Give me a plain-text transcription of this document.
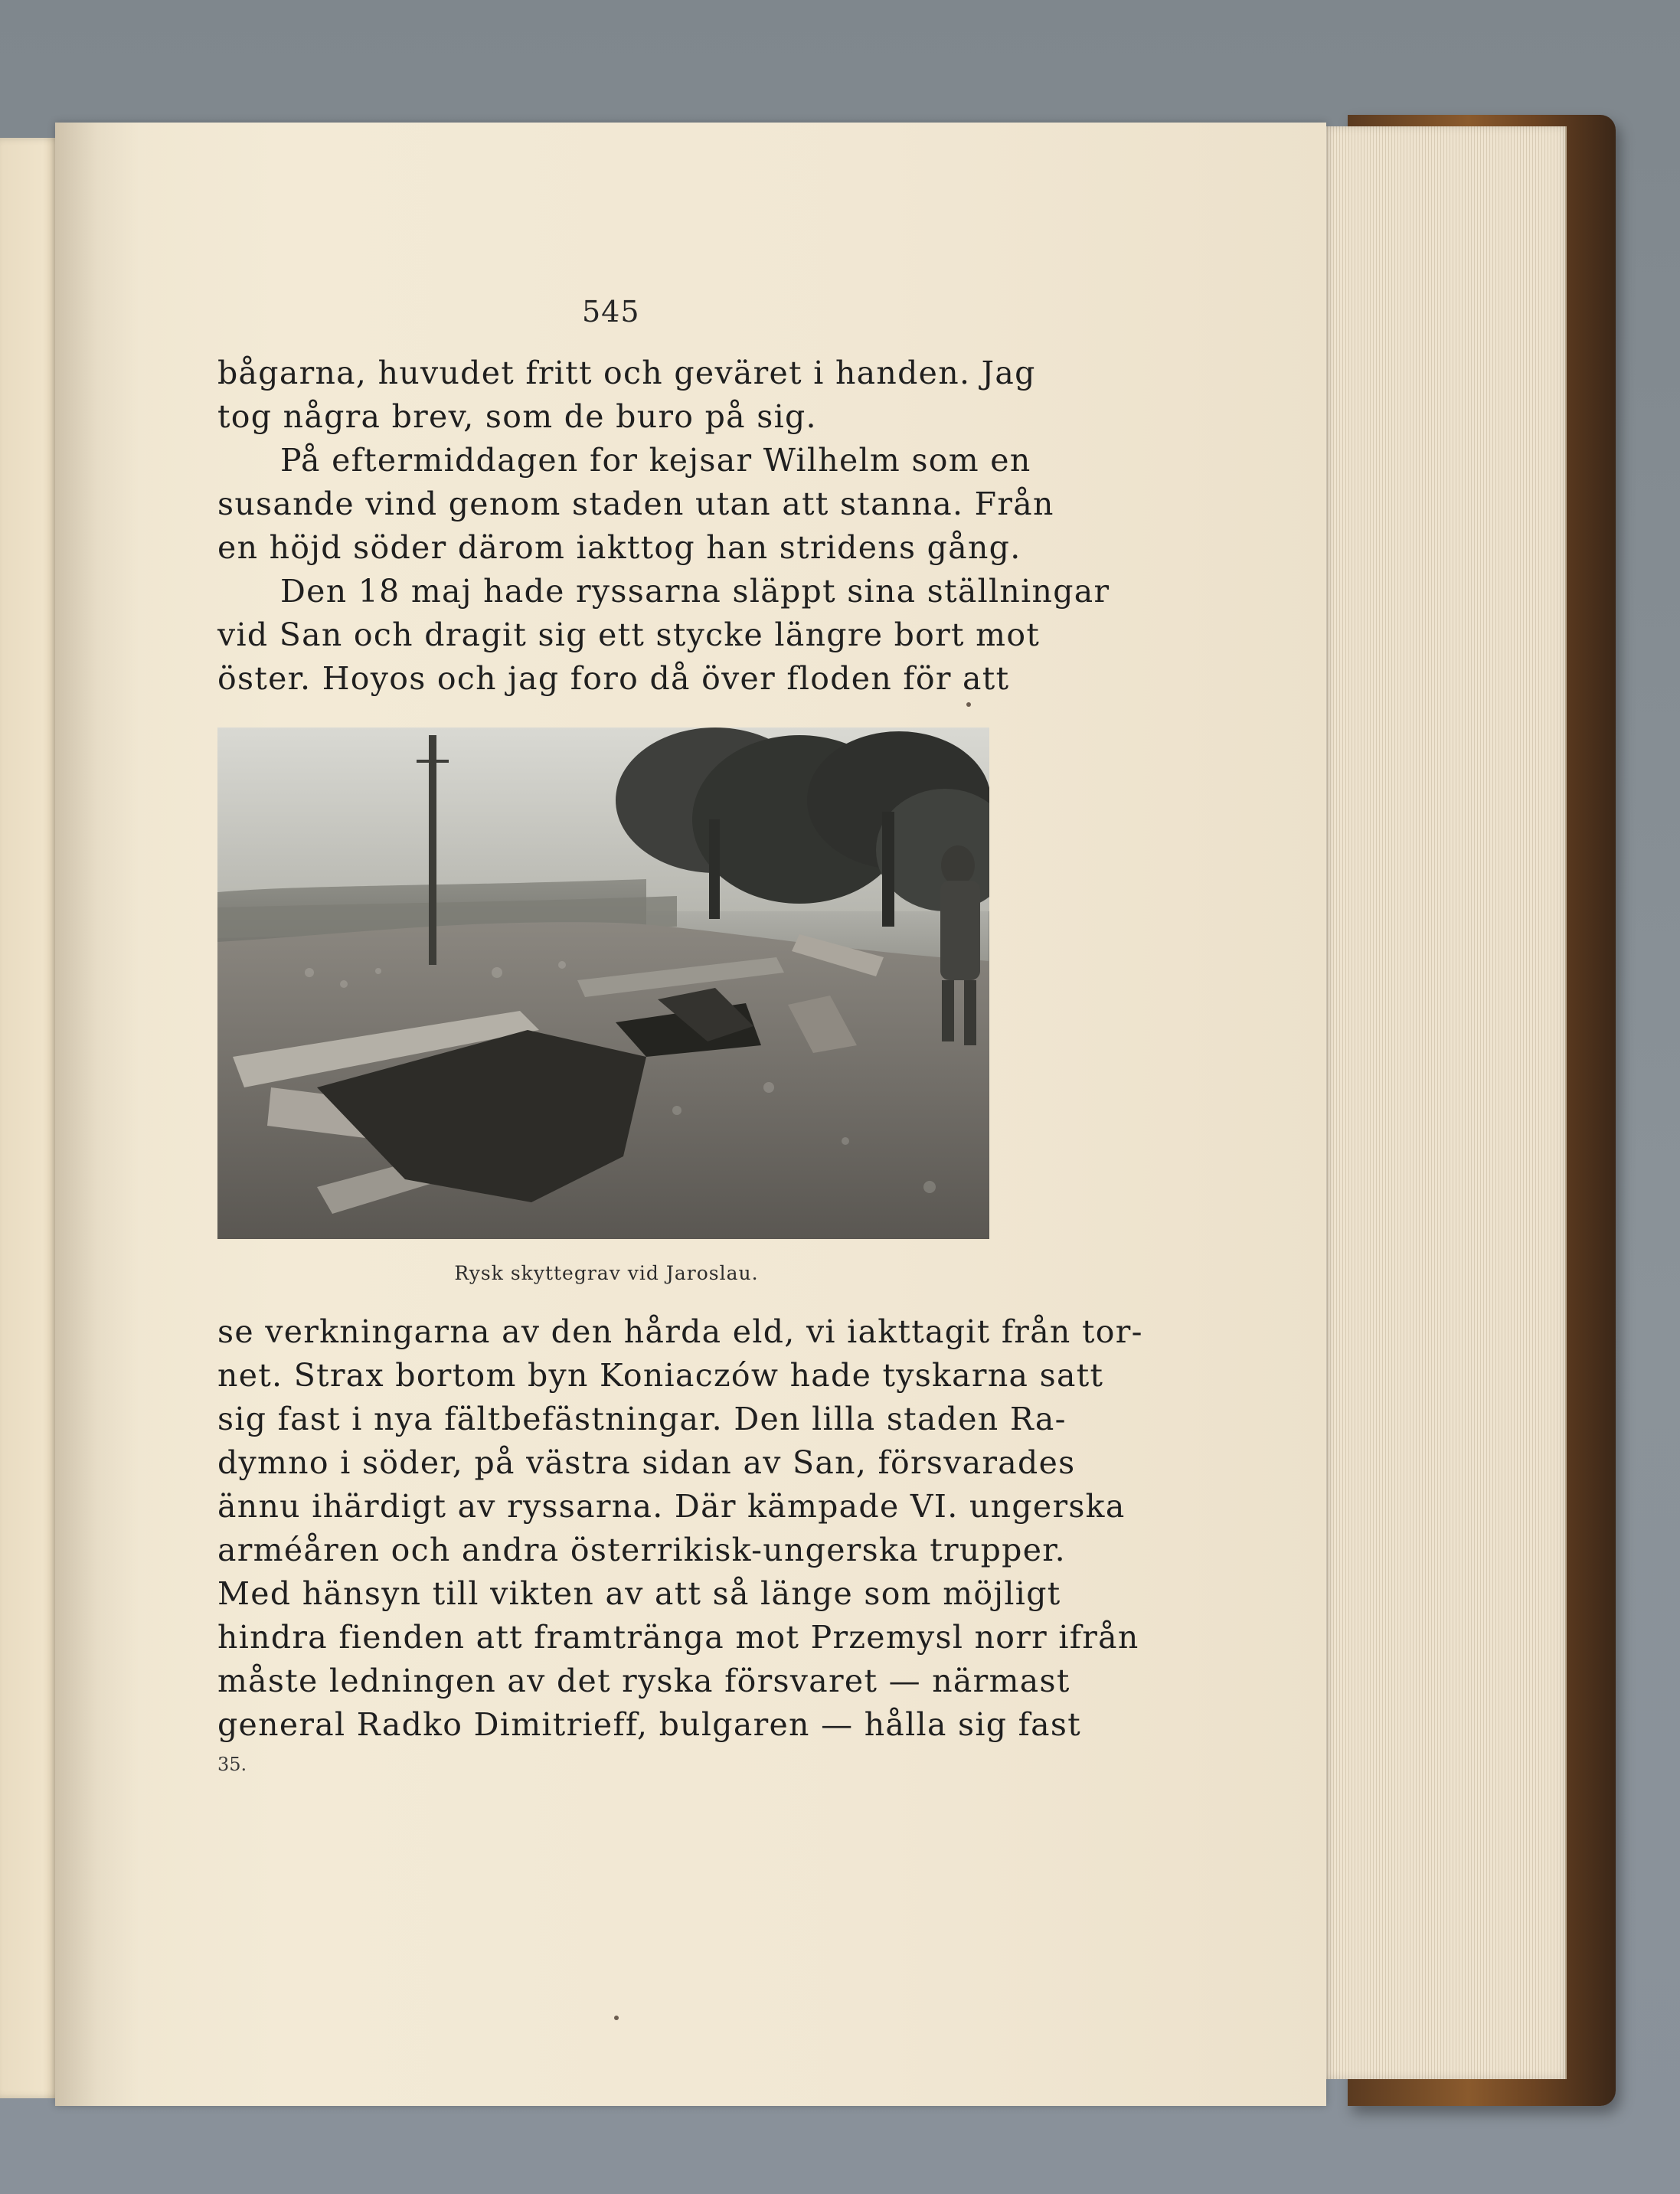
545
bågarna, huvudet fritt och geväret i handen. Jag
tog några brev, som de buro på sig.
På eftermiddagen for kejsar Wilhelm som en
susande vind genom staden utan att stanna. Från
en höjd söder därom iakttog han stridens gång.
Den 18 maj hade ryssarna släppt sina ställningar
vid San och dragit sig ett stycke längre bort mot
öster. Hoyos och jag foro då över floden för att
Rysk skyttegrav vid Jaroslau.
se verkningarna av den hårda eld, vi iakttagit från tor-
net. Strax bortom byn Koniaczów hade tyskarna satt
sig fast i nya fältbefästningar. Den lilla staden Ra-
dymno i söder, på västra sidan av San, försvarades
ännu ihärdigt av ryssarna. Där kämpade VI. ungerska
arméåren och andra österrikisk-ungerska trupper.
Med hänsyn till vikten av att så länge som möjligt
hindra fienden att framtränga mot Przemysl norr ifrån
måste ledningen av det ryska försvaret — närmast
general Radko Dimitrieff, bulgaren — hålla sig fast
35.
